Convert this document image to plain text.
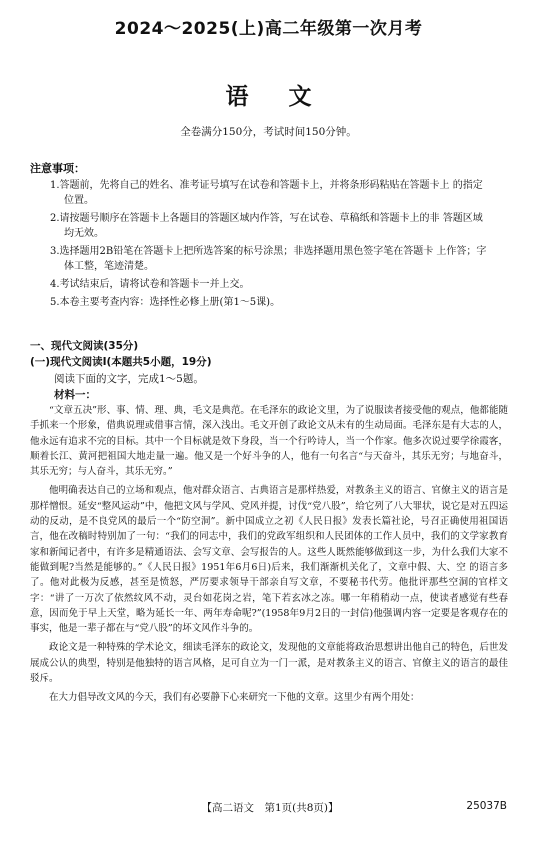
2024～2025(上)高二年级第一次月考
语文
全卷满分150分，考试时间150分钟。
注意事项：
1.答题前，先将自己的姓名、准考证号填写在试卷和答题卡上，并将条形码粘贴在答题卡上 的指定位置。
2.请按题号顺序在答题卡上各题目的答题区域内作答，写在试卷、草稿纸和答题卡上的非 答题区域均无效。
3.选择题用2B铅笔在答题卡上把所选答案的标号涂黑；非选择题用黑色签字笔在答题卡 上作答；字体工整，笔迹清楚。
4.考试结束后，请将试卷和答题卡一并上交。
5.本卷主要考查内容：选择性必修上册(第1～5课)。
一、现代文阅读(35分)
(一)现代文阅读Ⅰ(本题共5小题，19分)
阅读下面的文字，完成1～5题。
材料一：

“文章五决”形、事、情、理、典，毛文是典范。在毛泽东的政论文里，为了说服读者接受他的观点，他都能随手抓来一个形象，借典说理或借事言情，深入浅出。毛文开创了政论文从未有的生动局面。毛泽东是有大志的人，他永远有追求不完的目标。其中一个目标就是效下身段，当一个行吟诗人，当一个作家。他多次说过要学徐霞客，顺着长江、黄河把祖国大地走量一遍。他又是一个好斗争的人，他有一句名言“与天奋斗，其乐无穷；与地奋斗，其乐无穷；与人奋斗，其乐无穷。”

他明确表达自己的立场和观点，他对群众语言、古典语言是那样热爱，对教条主义的语言、官僚主义的语言是那样憎恨。延安“整风运动”中，他把文风与学风、党风并提，讨伐“党八股”，给它列了八大罪状，说它是对五四运动的反动，是不良党风的最后一个“防空洞”。新中国成立之初《人民日报》发表长篇社论，号召正确使用祖国语言，他在改稿时特别加了一句：“我们的同志中，我们的党政军组织和人民团体的工作人员中，我们的文学家教育家和新闻记者中，有许多是精通语法、会写文章、会写报告的人。这些人既然能够做到这一步，为什么我们大家不能做到呢?当然是能够的。”《人民日报》1951年6月6日)后来，我们渐渐机关化了，文章中假、大、空 的语言多了。他对此极为反感，甚至是愤怒，严厉要求领导干部亲自写文章，不要秘书代劳。他批评那些空洞的官样文字：“讲了一万次了依然纹风不动，灵台如花岗之岩，笔下若玄冰之冻。哪一年稍稍动一点，使读者感觉有些春意，因而免于早上天堂，略为延长一年、两年寿命呢?”(1958年9月2日的一封信)他强调内容一定要是客观存在的事实，他是一辈子都在与“党八股”的坏文风作斗争的。

政论文是一种特殊的学术论文，细读毛泽东的政论文，发现他的文章能将政治思想讲出他自己的特色，后世发展成公认的典型，特别是他独特的语言风格，足可自立为一门一派，是对教条主义的语言、官僚主义的语言的最佳驳斥。

在大力倡导改文风的今天，我们有必要静下心来研究一下他的文章。这里少有两个用处：

【高二语文　第1页(共8页)】	25037B
